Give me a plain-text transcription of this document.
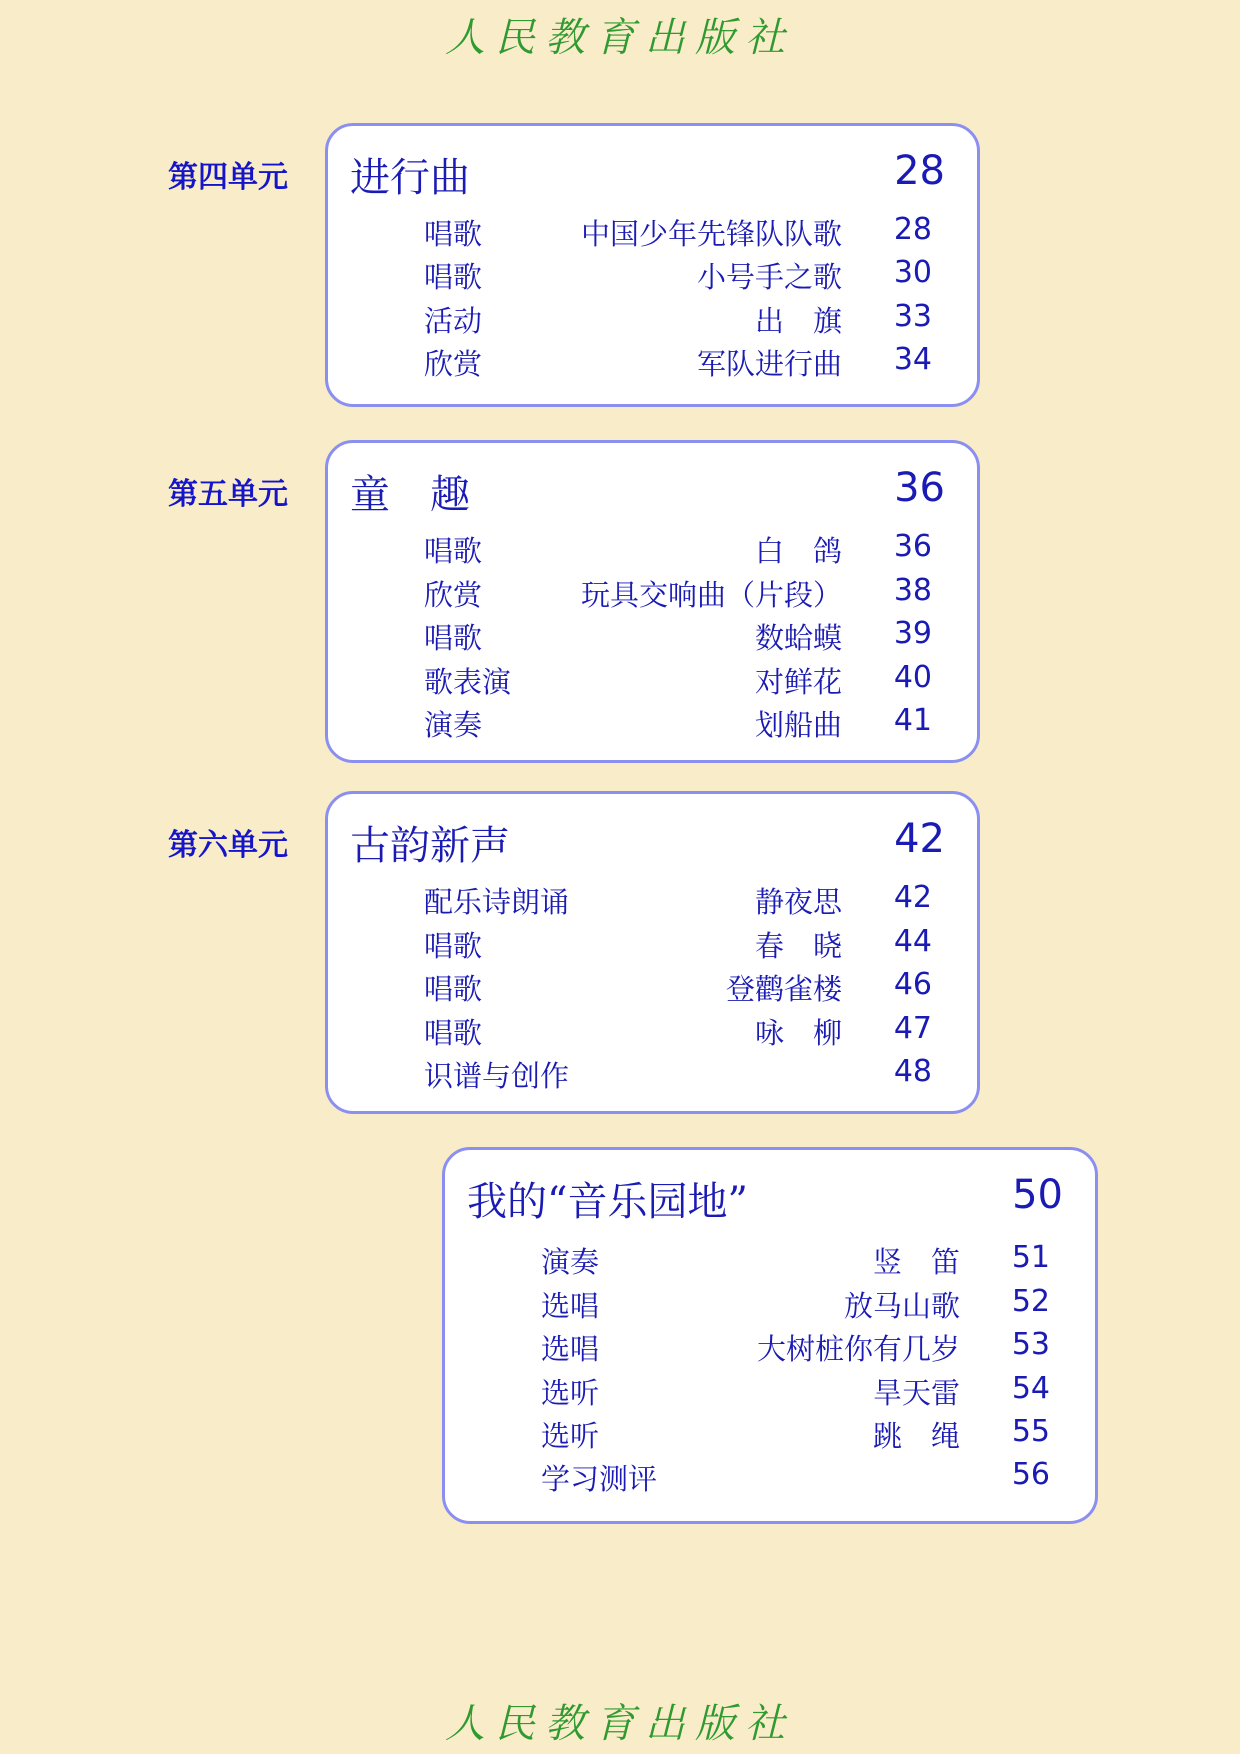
人民教育出版社
第四单元 进行曲	28
唱歌	中国少年先锋队队歌 28
唱歌	小号手之歌 30
活动	出　旗 33
欣赏	军队进行曲 34
第五单元 童　趣	36
唱歌	白　鸽 36
欣赏	玩具交响曲（片段） 38
唱歌	数蛤蟆 39
歌表演	对鲜花 40
演奏	划船曲 41
第六单元 古韵新声	42
配乐诗朗诵	静夜思 42
唱歌	春　晓 44
唱歌	登鹳雀楼 46
唱歌	咏　柳 47
识谱与创作	48
我的“音乐园地”	50
演奏	竖　笛 51
选唱	放马山歌 52
选唱	大树桩你有几岁 53
选听	旱天雷 54
选听	跳　绳 55
学习测评	56
人民教育出版社
